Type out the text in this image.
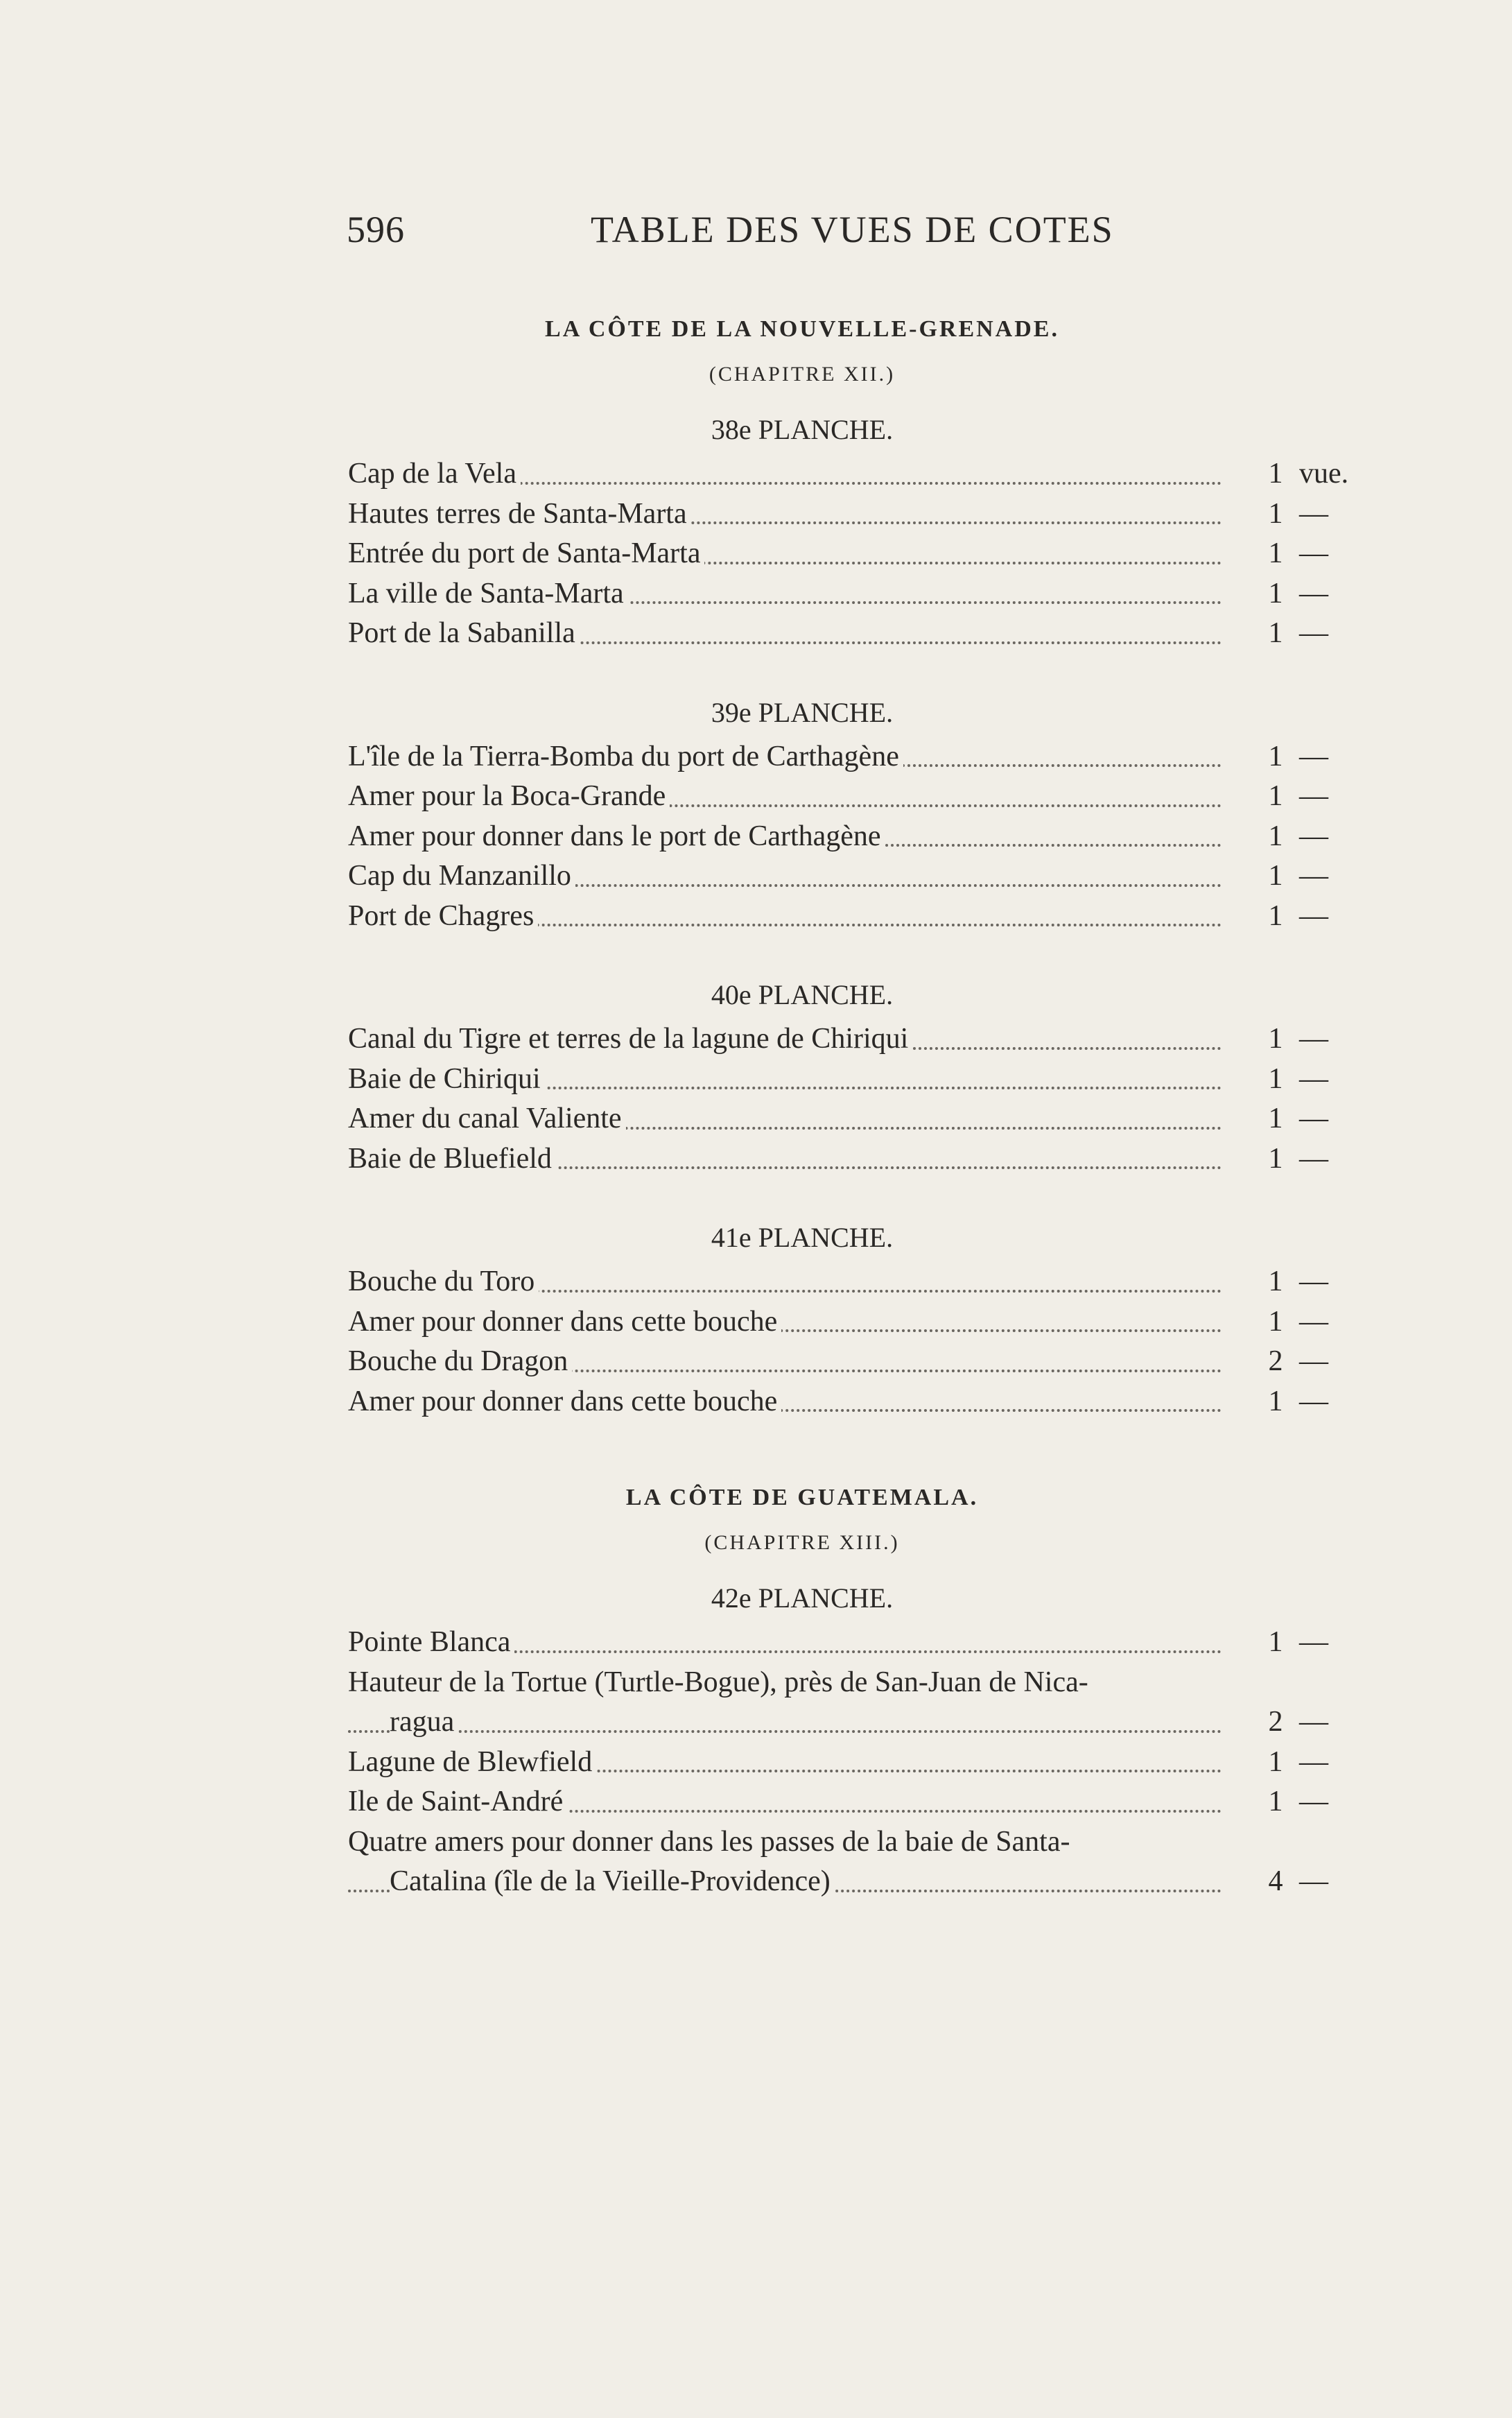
596	TABLE DES VUES DE COTES
LA CÔTE DE LA NOUVELLE-GRENADE.
(CHAPITRE XII.)
38e PLANCHE.
Cap de la Vela	1 vue.
Hautes terres de Santa-Marta	1 —
Entrée du port de Santa-Marta	1 —
La ville de Santa-Marta	1 —
Port de la Sabanilla	1 —
39e PLANCHE.
L'île de la Tierra-Bomba du port de Carthagène	1 —
Amer pour la Boca-Grande	1 —
Amer pour donner dans le port de Carthagène	1 —
Cap du Manzanillo	1 —
Port de Chagres	1 —
40e PLANCHE.
Canal du Tigre et terres de la lagune de Chiriqui	1 —
Baie de Chiriqui	1 —
Amer du canal Valiente	1 —
Baie de Bluefield	1 —
41e PLANCHE.
Bouche du Toro	1 —
Amer pour donner dans cette bouche	1 —
Bouche du Dragon	2 —
Amer pour donner dans cette bouche	1 —
LA CÔTE DE GUATEMALA.
(CHAPITRE XIII.)
42e PLANCHE.
Pointe Blanca	1 —
Hauteur de la Tortue (Turtle-Bogue), près de San-Juan de Nica-
ragua	2 —
Lagune de Blewfield	1 —
Ile de Saint-André	1 —
Quatre amers pour donner dans les passes de la baie de Santa-
Catalina (île de la Vieille-Providence)	4 —
